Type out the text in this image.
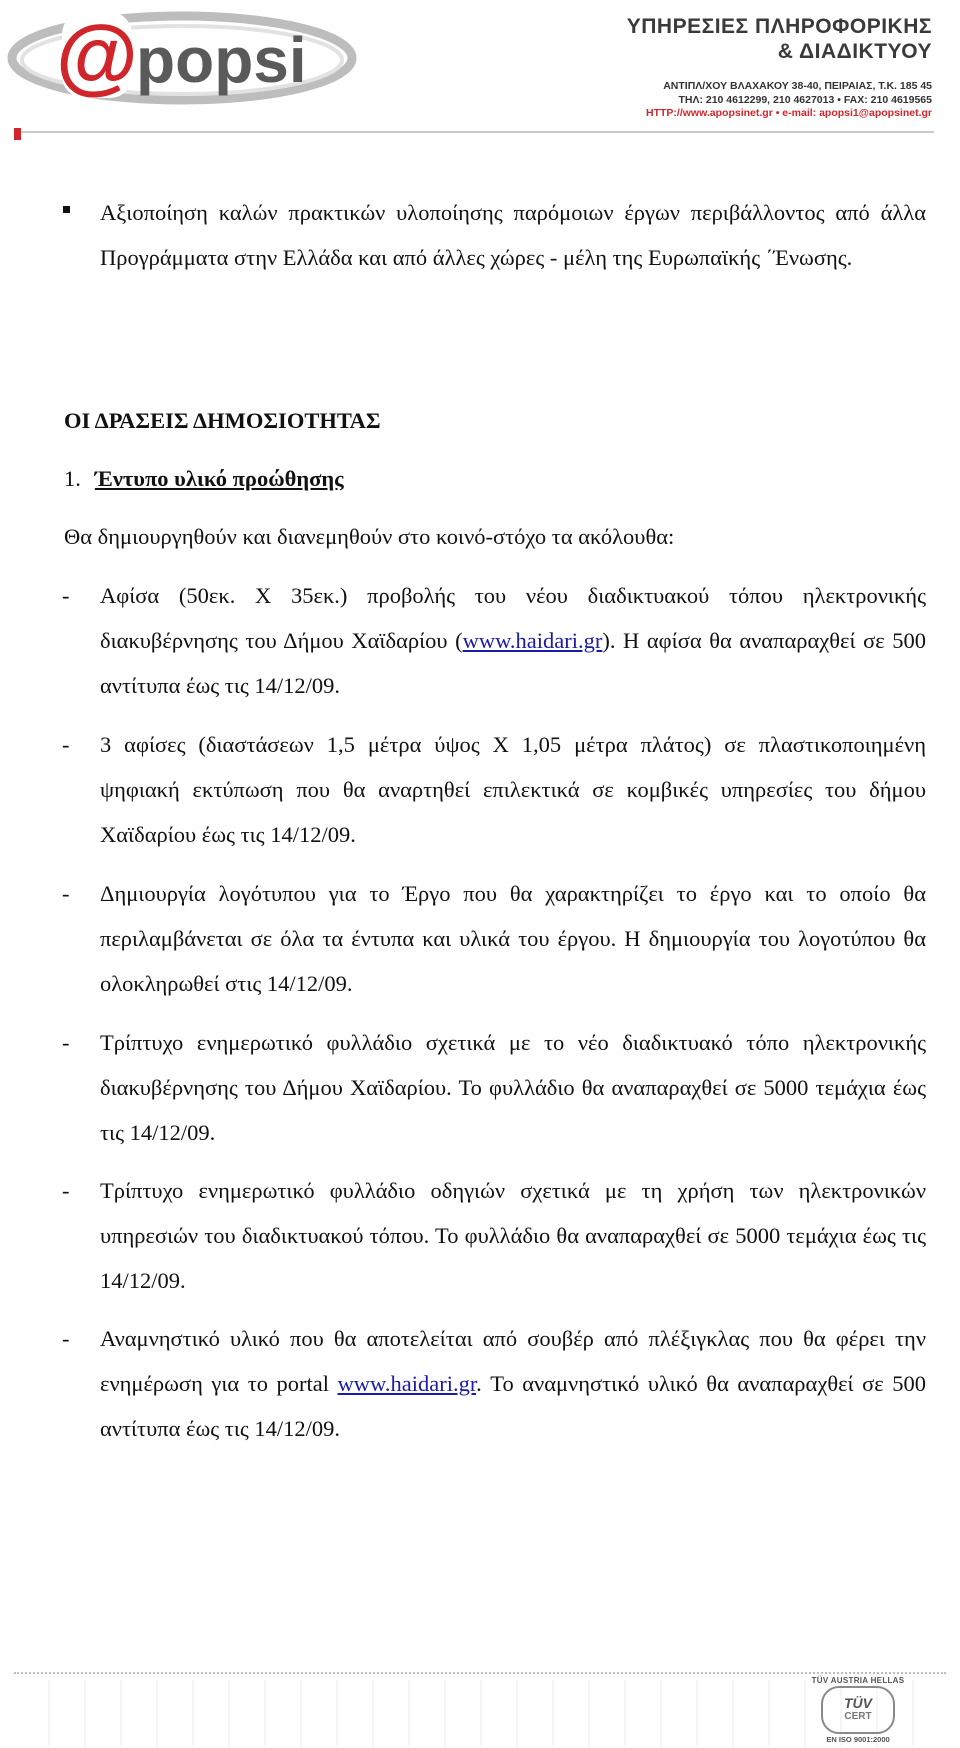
@
popsi	ΥΠΗΡΕΣΙΕΣ ΠΛΗΡΟΦΟΡΙΚΗΣ
& ΔΙΑΔΙΚΤΥΟΥ
ΑΝΤΙΠΛ/ΧΟΥ ΒΛΑΧΑΚΟΥ 38-40, ΠΕΙΡΑΙΑΣ, Τ.Κ. 185 45
ΤΗΛ: 210 4612299, 210 4627013 • FAX: 210 4619565
HTTP://www.apopsinet.gr • e-mail: apopsi1@apopsinet.gr
Αξιοποίηση καλών πρακτικών υλοποίησης παρόμοιων έργων περιβάλλοντος από άλλα Προγράμματα στην Ελλάδα και από άλλες χώρες - μέλη της Ευρωπαϊκής ΄Ένωσης.
ΟΙ ΔΡΑΣΕΙΣ ΔΗΜΟΣΙΟΤΗΤΑΣ
1. Έντυπο υλικό προώθησης
Θα δημιουργηθούν και διανεμηθούν στο κοινό-στόχο τα ακόλουθα:
- Αφίσα (50εκ. Χ 35εκ.) προβολής του νέου διαδικτυακού τόπου ηλεκτρονικής διακυβέρνησης του Δήμου Χαϊδαρίου (www.haidari.gr). Η αφίσα θα αναπαραχθεί σε 500 αντίτυπα έως τις 14/12/09.
- 3 αφίσες (διαστάσεων 1,5 μέτρα ύψος Χ 1,05 μέτρα πλάτος) σε πλαστικοποιημένη ψηφιακή εκτύπωση που θα αναρτηθεί επιλεκτικά σε κομβικές υπηρεσίες του δήμου Χαϊδαρίου έως τις 14/12/09.
- Δημιουργία λογότυπου για το Έργο που θα χαρακτηρίζει το έργο και το οποίο θα περιλαμβάνεται σε όλα τα έντυπα και υλικά του έργου. Η δημιουργία του λογοτύπου θα ολοκληρωθεί στις 14/12/09.
- Τρίπτυχο ενημερωτικό φυλλάδιο σχετικά με το νέο διαδικτυακό τόπο ηλεκτρονικής διακυβέρνησης του Δήμου Χαϊδαρίου. Το φυλλάδιο θα αναπαραχθεί σε 5000 τεμάχια έως τις 14/12/09.
- Τρίπτυχο ενημερωτικό φυλλάδιο οδηγιών σχετικά με τη χρήση των ηλεκτρονικών υπηρεσιών του διαδικτυακού τόπου. Το φυλλάδιο θα αναπαραχθεί σε 5000 τεμάχια έως τις 14/12/09.
- Αναμνηστικό υλικό που θα αποτελείται από σουβέρ από πλέξιγκλας που θα φέρει την ενημέρωση για το portal www.haidari.gr. Το αναμνηστικό υλικό θα αναπαραχθεί σε 500 αντίτυπα έως τις 14/12/09.
TÜV AUSTRIA HELLAS
TÜV
CERT
EN ISO 9001:2000
